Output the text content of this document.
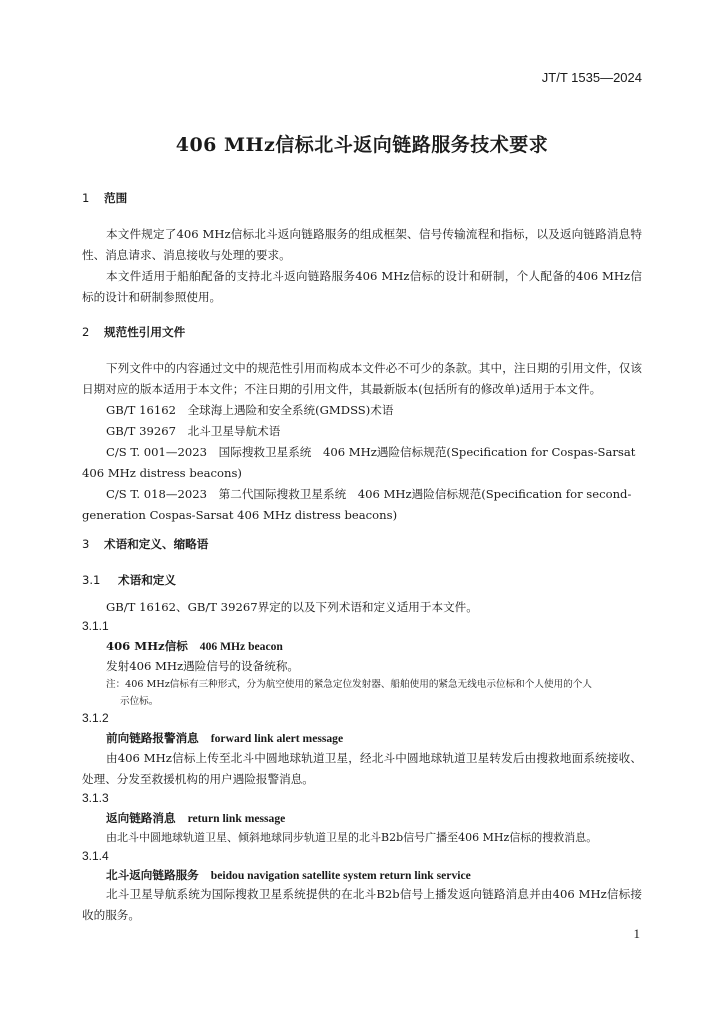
JT/T 1535—2024
406 MHz信标北斗返向链路服务技术要求
1 范围
本文件规定了406 MHz信标北斗返向链路服务的组成框架、信号传输流程和指标，以及返向链路消息特性、消息请求、消息接收与处理的要求。
本文件适用于船舶配备的支持北斗返向链路服务406 MHz信标的设计和研制，个人配备的406 MHz信标的设计和研制参照使用。
2 规范性引用文件
下列文件中的内容通过文中的规范性引用而构成本文件必不可少的条款。其中，注日期的引用文件，仅该日期对应的版本适用于本文件；不注日期的引用文件，其最新版本(包括所有的修改单)适用于本文件。
GB/T 16162　全球海上遇险和安全系统(GMDSS)术语
GB/T 39267　北斗卫星导航术语
C/S T. 001—2023　国际搜救卫星系统　406 MHz遇险信标规范(Specification for Cospas-Sarsat 406 MHz distress beacons)
C/S T. 018—2023　第二代国际搜救卫星系统　406 MHz遇险信标规范(Specification for second-generation Cospas-Sarsat 406 MHz distress beacons)
3 术语和定义、缩略语
3.1 术语和定义
GB/T 16162、GB/T 39267界定的以及下列术语和定义适用于本文件。
3.1.1
406 MHz信标 406 MHz beacon
发射406 MHz遇险信号的设备统称。
注：406 MHz信标有三种形式，分为航空使用的紧急定位发射器、船舶使用的紧急无线电示位标和个人使用的个人
示位标。
3.1.2
前向链路报警消息 forward link alert message
由406 MHz信标上传至北斗中圆地球轨道卫星，经北斗中圆地球轨道卫星转发后由搜救地面系统接收、处理、分发至救援机构的用户遇险报警消息。
3.1.3
返向链路消息 return link message
由北斗中圆地球轨道卫星、倾斜地球同步轨道卫星的北斗B2b信号广播至406 MHz信标的搜救消息。
3.1.4
北斗返向链路服务 beidou navigation satellite system return link service
北斗卫星导航系统为国际搜救卫星系统提供的在北斗B2b信号上播发返向链路消息并由406 MHz信标接收的服务。
1
